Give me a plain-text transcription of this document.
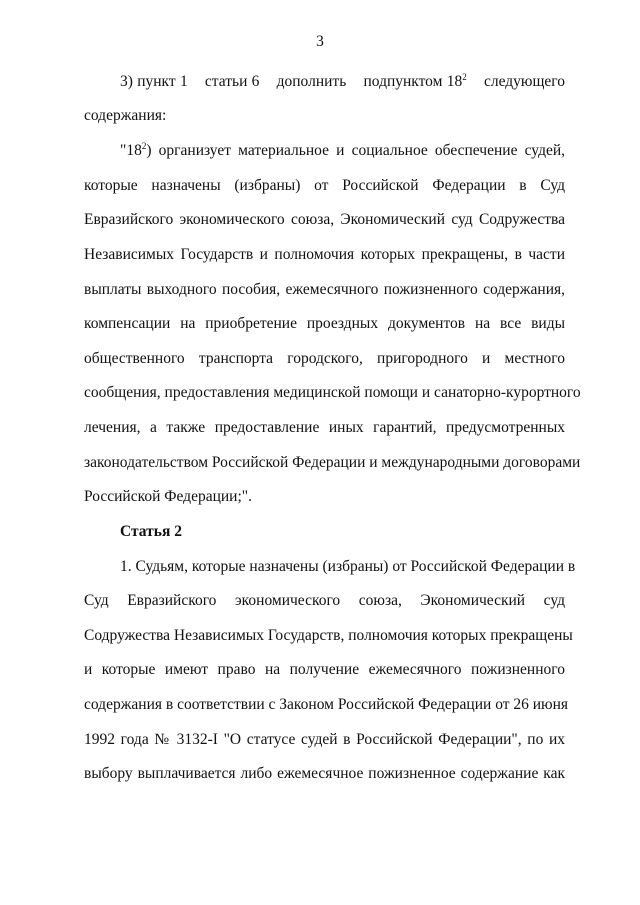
3
3) пункт 1    статьи 6    дополнить    подпунктом $18^2$    следующего
содержания:
"$18^2$) организует материальное и социальное обеспечение судей,
которые назначены (избраны) от Российской Федерации в Суд
Евразийского экономического союза, Экономический суд Содружества
Независимых Государств и полномочия которых прекращены, в части
выплаты выходного пособия, ежемесячного пожизненного содержания,
компенсации на приобретение проездных документов на все виды
общественного транспорта городского, пригородного и местного
сообщения, предоставления медицинской помощи и санаторно-курортного
лечения, а также предоставление иных гарантий, предусмотренных
законодательством Российской Федерации и международными договорами
Российской Федерации;".
Статья 2
1. Судьям, которые назначены (избраны) от Российской Федерации в
Суд Евразийского экономического союза, Экономический суд
Содружества Независимых Государств, полномочия которых прекращены
и которые имеют право на получение ежемесячного пожизненного
содержания в соответствии с Законом Российской Федерации от 26 июня
1992 года № 3132-I "О статусе судей в Российской Федерации", по их
выбору выплачивается либо ежемесячное пожизненное содержание как
